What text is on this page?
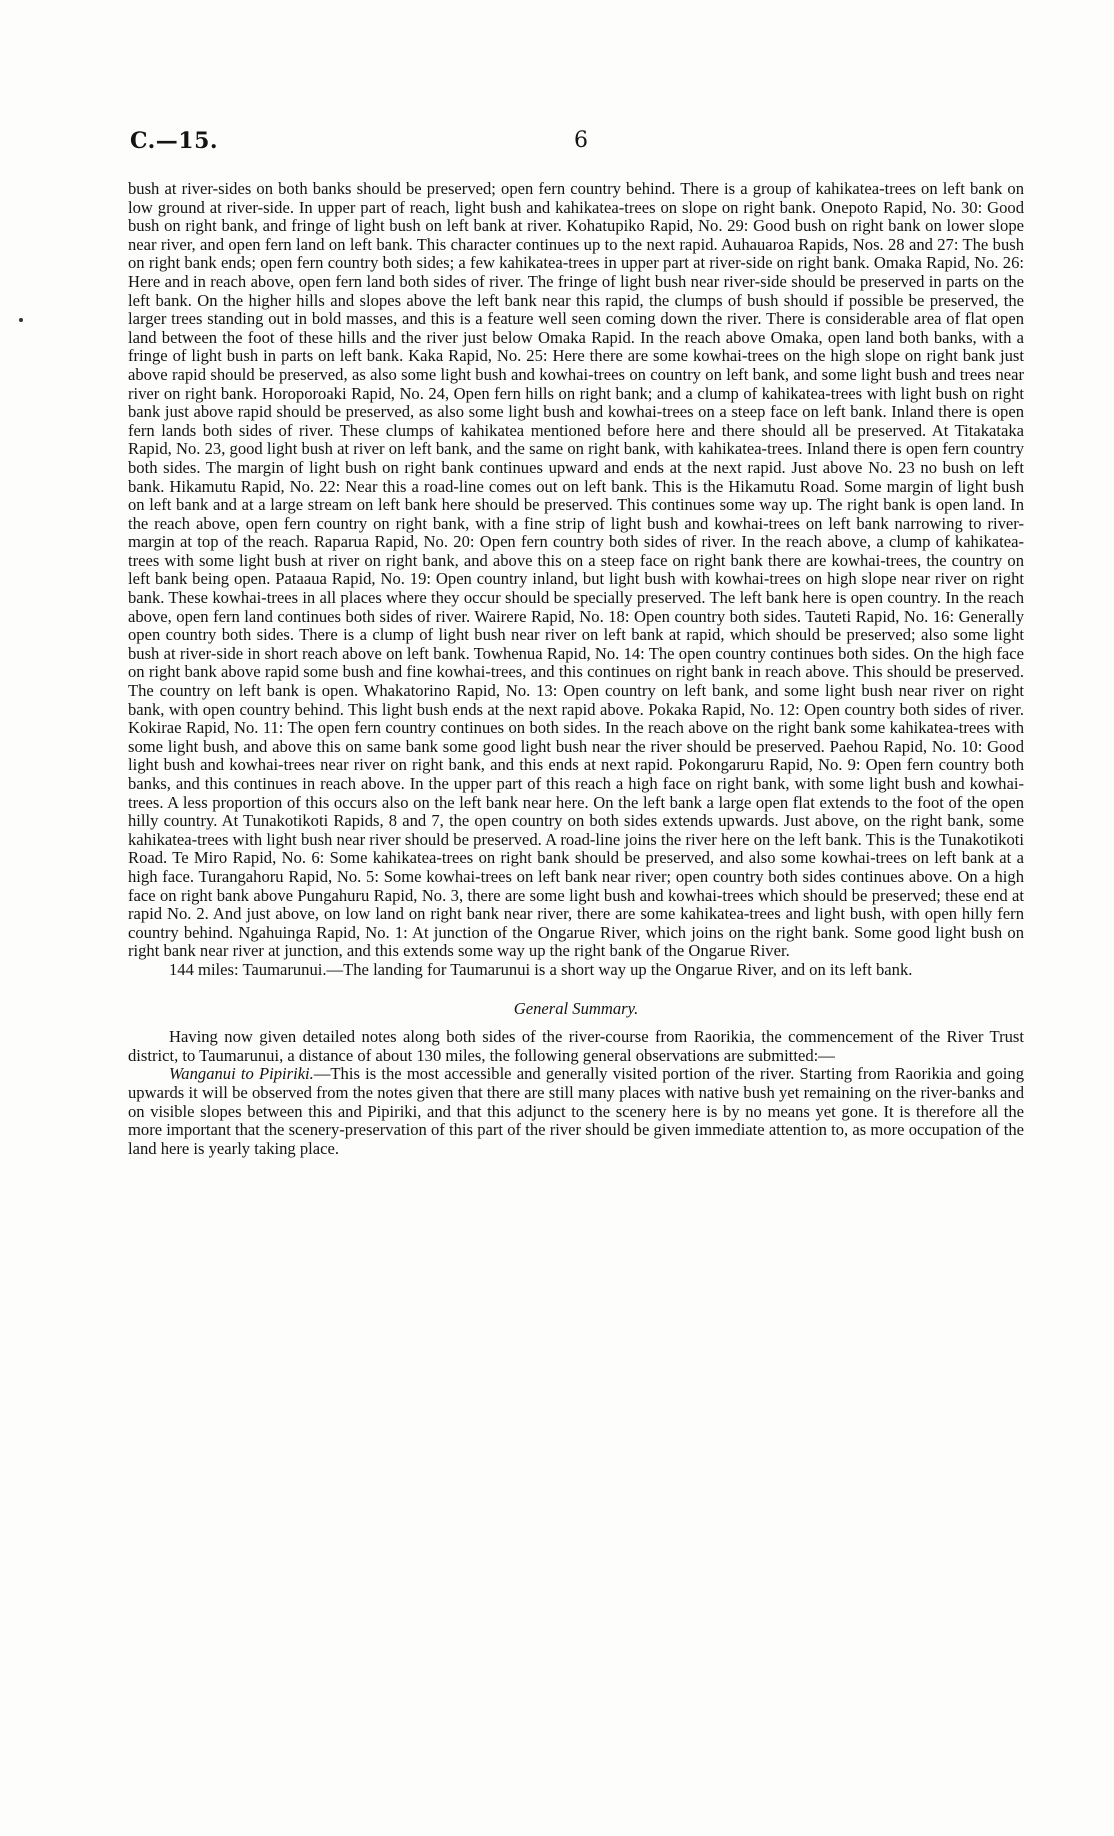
C.—15.	6

bush at river-sides on both banks should be preserved; open fern country behind. There is a group of kahikatea-trees on left bank on low ground at river-side. In upper part of reach, light bush and kahikatea-trees on slope on right bank. Onepoto Rapid, No. 30: Good bush on right bank, and fringe of light bush on left bank at river. Kohatupiko Rapid, No. 29: Good bush on right bank on lower slope near river, and open fern land on left bank. This character continues up to the next rapid. Auhauaroa Rapids, Nos. 28 and 27: The bush on right bank ends; open fern country both sides; a few kahikatea-trees in upper part at river-side on right bank. Omaka Rapid, No. 26: Here and in reach above, open fern land both sides of river. The fringe of light bush near river-side should be preserved in parts on the left bank. On the higher hills and slopes above the left bank near this rapid, the clumps of bush should if possible be preserved, the larger trees standing out in bold masses, and this is a feature well seen coming down the river. There is considerable area of flat open land between the foot of these hills and the river just below Omaka Rapid. In the reach above Omaka, open land both banks, with a fringe of light bush in parts on left bank. Kaka Rapid, No. 25: Here there are some kowhai-trees on the high slope on right bank just above rapid should be preserved, as also some light bush and kowhai-trees on country on left bank, and some light bush and trees near river on right bank. Horoporoaki Rapid, No. 24, Open fern hills on right bank; and a clump of kahikatea-trees with light bush on right bank just above rapid should be preserved, as also some light bush and kowhai-trees on a steep face on left bank. Inland there is open fern lands both sides of river. These clumps of kahikatea mentioned before here and there should all be preserved. At Titakataka Rapid, No. 23, good light bush at river on left bank, and the same on right bank, with kahikatea-trees. Inland there is open fern country both sides. The margin of light bush on right bank continues upward and ends at the next rapid. Just above No. 23 no bush on left bank. Hikamutu Rapid, No. 22: Near this a road-line comes out on left bank. This is the Hikamutu Road. Some margin of light bush on left bank and at a large stream on left bank here should be preserved. This continues some way up. The right bank is open land. In the reach above, open fern country on right bank, with a fine strip of light bush and kowhai-trees on left bank narrowing to river-margin at top of the reach. Raparua Rapid, No. 20: Open fern country both sides of river. In the reach above, a clump of kahikatea-trees with some light bush at river on right bank, and above this on a steep face on right bank there are kowhai-trees, the country on left bank being open. Pataaua Rapid, No. 19: Open country inland, but light bush with kowhai-trees on high slope near river on right bank. These kowhai-trees in all places where they occur should be specially preserved. The left bank here is open country. In the reach above, open fern land continues both sides of river. Wairere Rapid, No. 18: Open country both sides. Tauteti Rapid, No. 16: Generally open country both sides. There is a clump of light bush near river on left bank at rapid, which should be preserved; also some light bush at river-side in short reach above on left bank. Towhenua Rapid, No. 14: The open country continues both sides. On the high face on right bank above rapid some bush and fine kowhai-trees, and this continues on right bank in reach above. This should be preserved. The country on left bank is open. Whakatorino Rapid, No. 13: Open country on left bank, and some light bush near river on right bank, with open country behind. This light bush ends at the next rapid above. Pokaka Rapid, No. 12: Open country both sides of river. Kokirae Rapid, No. 11: The open fern country continues on both sides. In the reach above on the right bank some kahikatea-trees with some light bush, and above this on same bank some good light bush near the river should be preserved. Paehou Rapid, No. 10: Good light bush and kowhai-trees near river on right bank, and this ends at next rapid. Pokongaruru Rapid, No. 9: Open fern country both banks, and this continues in reach above. In the upper part of this reach a high face on right bank, with some light bush and kowhai-trees. A less proportion of this occurs also on the left bank near here. On the left bank a large open flat extends to the foot of the open hilly country. At Tunakotikoti Rapids, 8 and 7, the open country on both sides extends upwards. Just above, on the right bank, some kahikatea-trees with light bush near river should be preserved. A road-line joins the river here on the left bank. This is the Tunakotikoti Road. Te Miro Rapid, No. 6: Some kahikatea-trees on right bank should be preserved, and also some kowhai-trees on left bank at a high face. Turangahoru Rapid, No. 5: Some kowhai-trees on left bank near river; open country both sides continues above. On a high face on right bank above Pungahuru Rapid, No. 3, there are some light bush and kowhai-trees which should be preserved; these end at rapid No. 2. And just above, on low land on right bank near river, there are some kahikatea-trees and light bush, with open hilly fern country behind. Ngahuinga Rapid, No. 1: At junction of the Ongarue River, which joins on the right bank. Some good light bush on right bank near river at junction, and this extends some way up the right bank of the Ongarue River.

144 miles: Taumarunui.—The landing for Taumarunui is a short way up the Ongarue River, and on its left bank.

General Summary.

Having now given detailed notes along both sides of the river-course from Raorikia, the commencement of the River Trust district, to Taumarunui, a distance of about 130 miles, the following general observations are submitted:—

Wanganui to Pipiriki.—This is the most accessible and generally visited portion of the river. Starting from Raorikia and going upwards it will be observed from the notes given that there are still many places with native bush yet remaining on the river-banks and on visible slopes between this and Pipiriki, and that this adjunct to the scenery here is by no means yet gone. It is therefore all the more important that the scenery-preservation of this part of the river should be given immediate attention to, as more occupation of the land here is yearly taking place.
